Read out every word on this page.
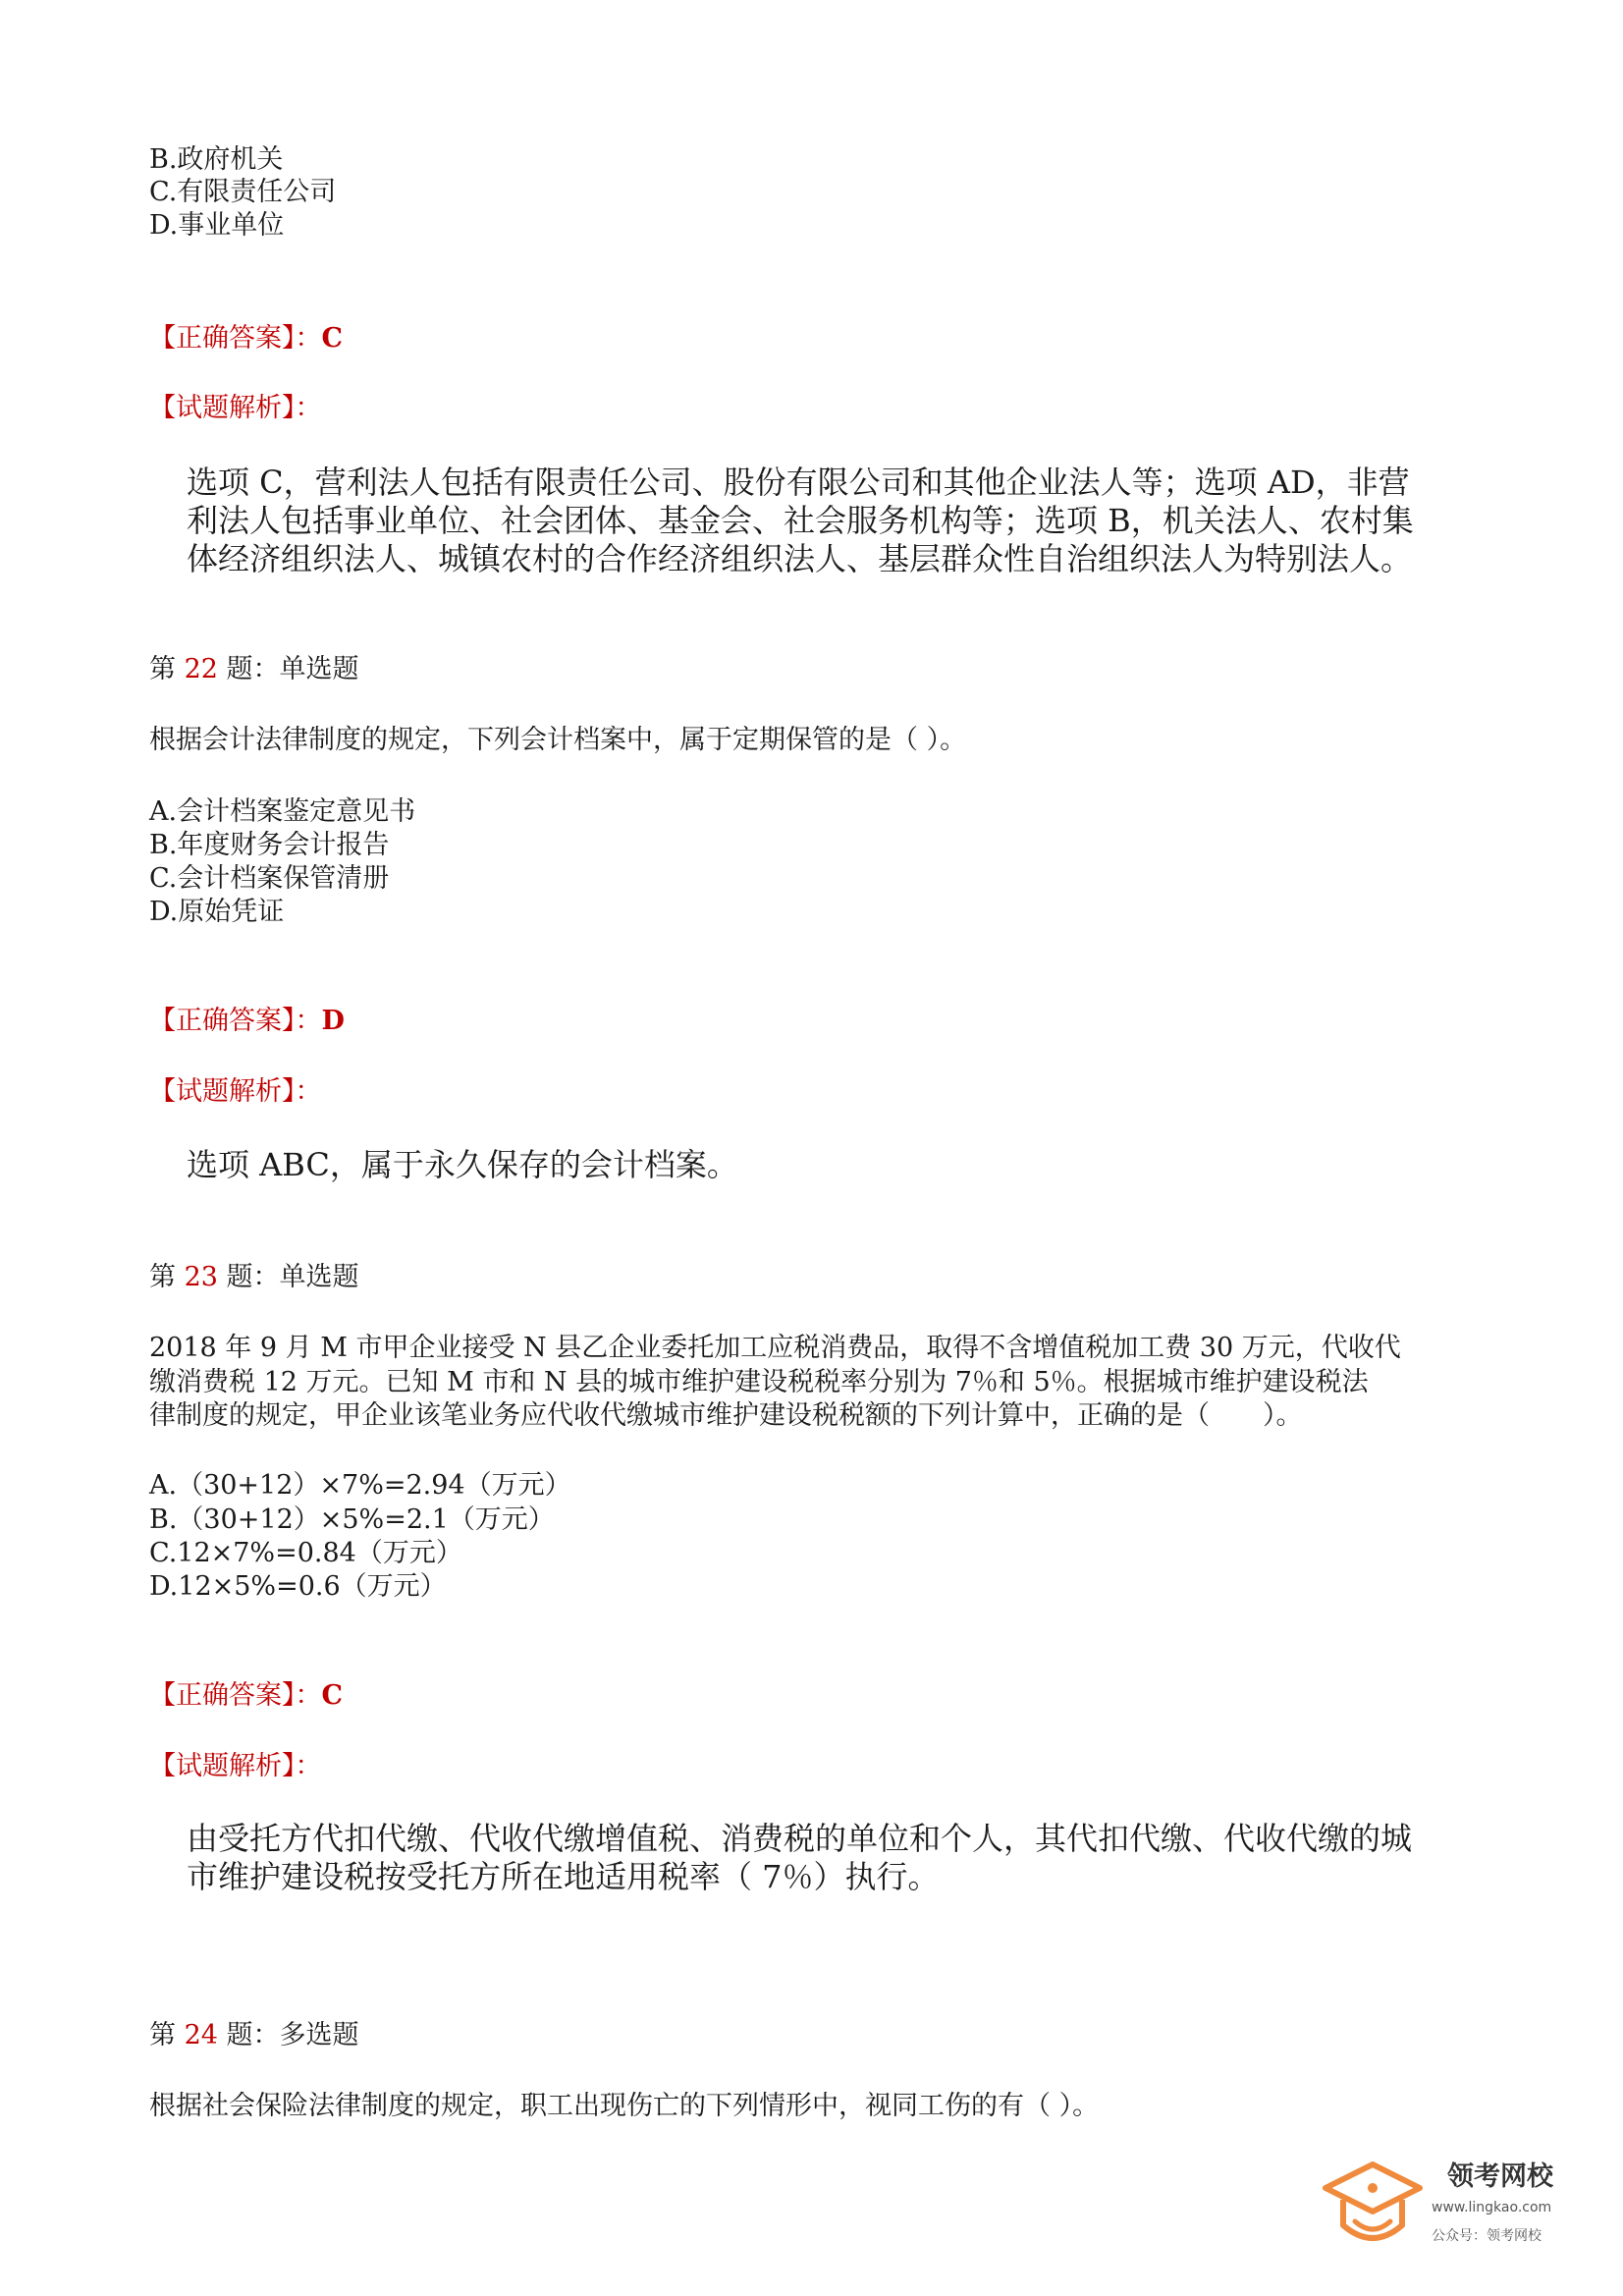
B.政府机关
C.有限责任公司
D.事业单位
【正确答案】：C
【试题解析】：
选项 C，营利法人包括有限责任公司、股份有限公司和其他企业法人等；选项 AD，非营
利法人包括事业单位、社会团体、基金会、社会服务机构等；选项 B，机关法人、农村集
体经济组织法人、城镇农村的合作经济组织法人、基层群众性自治组织法人为特别法人。
第 22 题：单选题
根据会计法律制度的规定，下列会计档案中，属于定期保管的是（ ）。
A.会计档案鉴定意见书
B.年度财务会计报告
C.会计档案保管清册
D.原始凭证
【正确答案】：D
【试题解析】：
选项 ABC，属于永久保存的会计档案。
第 23 题：单选题
2018 年 9 月 M 市甲企业接受 N 县乙企业委托加工应税消费品，取得不含增值税加工费 30 万元，代收代
缴消费税 12 万元。已知 M 市和 N 县的城市维护建设税税率分别为 7％和 5％。根据城市维护建设税法
律制度的规定，甲企业该笔业务应代收代缴城市维护建设税税额的下列计算中，正确的是（　　）。
A.（30+12）×7%=2.94（万元）
B.（30+12）×5%=2.1（万元）
C.12×7%=0.84（万元）
D.12×5%=0.6（万元）
【正确答案】：C
【试题解析】：
由受托方代扣代缴、代收代缴增值税、消费税的单位和个人，其代扣代缴、代收代缴的城
市维护建设税按受托方所在地适用税率（ 7％）执行。
第 24 题：多选题
根据社会保险法律制度的规定，职工出现伤亡的下列情形中，视同工伤的有（ ）。
领考网校
www.lingkao.com
公众号：领考网校
